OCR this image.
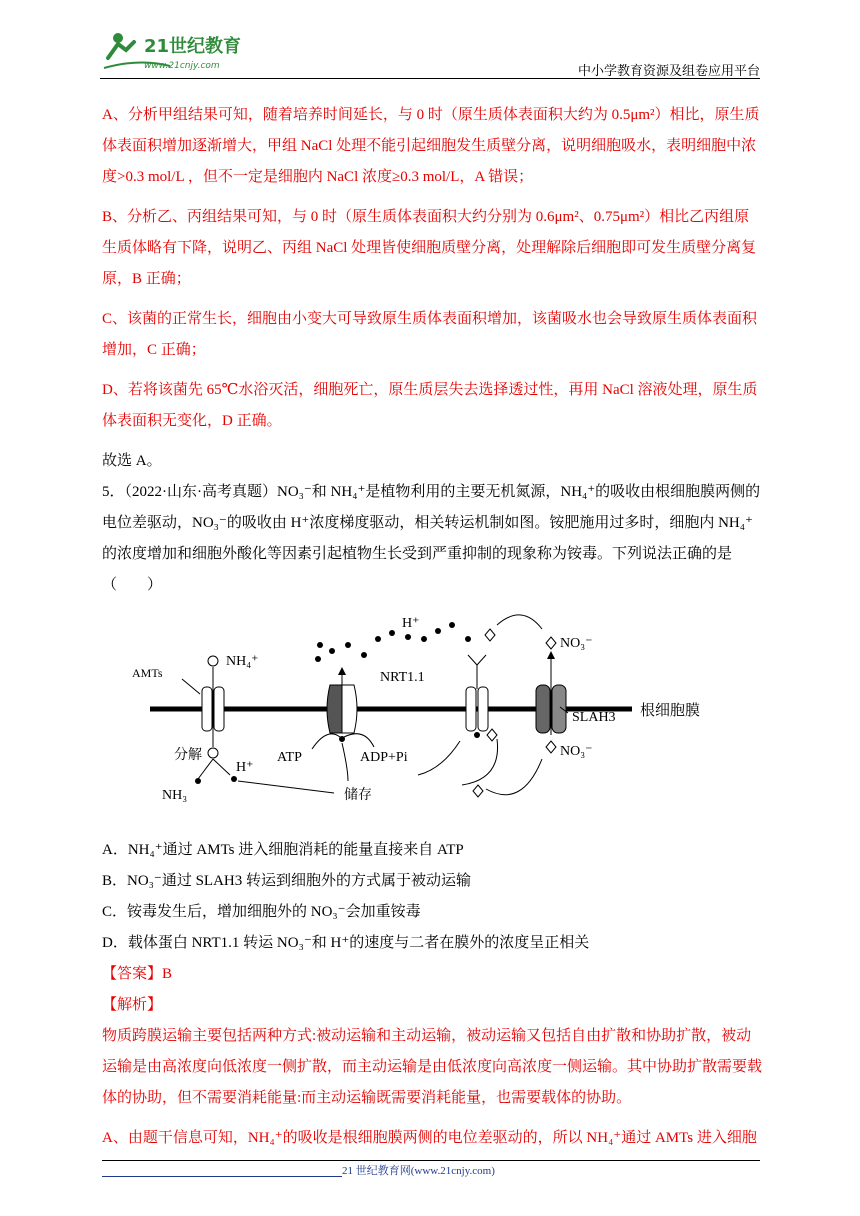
21世纪教育
www.21cnjy.com	中小学教育资源及组卷应用平台

A、分析甲组结果可知，随着培养时间延长，与 0 时（原生质体表面积大约为 0.5μm²）相比，原生质体表面积增加逐渐增大，甲组 NaCl 处理不能引起细胞发生质壁分离，说明细胞吸水，表明细胞中浓度>0.3 mol/L ，但不一定是细胞内 NaCl 浓度≥0.3 mol/L，A 错误；

B、分析乙、丙组结果可知，与 0 时（原生质体表面积大约分别为 0.6μm²、0.75μm²）相比乙丙组原生质体略有下降，说明乙、丙组 NaCl 处理皆使细胞质壁分离，处理解除后细胞即可发生质壁分离复原，B 正确；

C、该菌的正常生长，细胞由小变大可导致原生质体表面积增加，该菌吸水也会导致原生质体表面积增加，C 正确；

D、若将该菌先 65℃水浴灭活，细胞死亡，原生质层失去选择透过性，再用 NaCl 溶液处理，原生质体表面积无变化，D 正确。

故选 A。

5．（2022·山东·高考真题）NO₃⁻和 NH₄⁺是植物利用的主要无机氮源，NH₄⁺的吸收由根细胞膜两侧的电位差驱动，NO₃⁻的吸收由 H⁺浓度梯度驱动，相关转运机制如图。铵肥施用过多时，细胞内 NH₄⁺的浓度增加和细胞外酸化等因素引起植物生长受到严重抑制的现象称为铵毒。下列说法正确的是（　　）

根细胞膜
AMTs
NH₄⁺
分解
NH₃
H⁺
ATP	ADP+Pi
H⁺
NRT1.1
NO₃⁻
NO₃⁻
SLAH3
储存

A．NH₄⁺通过 AMTs 进入细胞消耗的能量直接来自 ATP

B．NO₃⁻通过 SLAH3 转运到细胞外的方式属于被动运输

C．铵毒发生后，增加细胞外的 NO₃⁻会加重铵毒

D．载体蛋白 NRT1.1 转运 NO₃⁻和 H⁺的速度与二者在膜外的浓度呈正相关

【答案】B

【解析】

物质跨膜运输主要包括两种方式:被动运输和主动运输，被动运输又包括自由扩散和协助扩散，被动运输是由高浓度向低浓度一侧扩散，而主动运输是由低浓度向高浓度一侧运输。其中协助扩散需要载体的协助，但不需要消耗能量:而主动运输既需要消耗能量，也需要载体的协助。

A、由题干信息可知，NH₄⁺的吸收是根细胞膜两侧的电位差驱动的，所以 NH₄⁺通过 AMTs 进入细胞

21 世纪教育网(www.21cnjy.com)
